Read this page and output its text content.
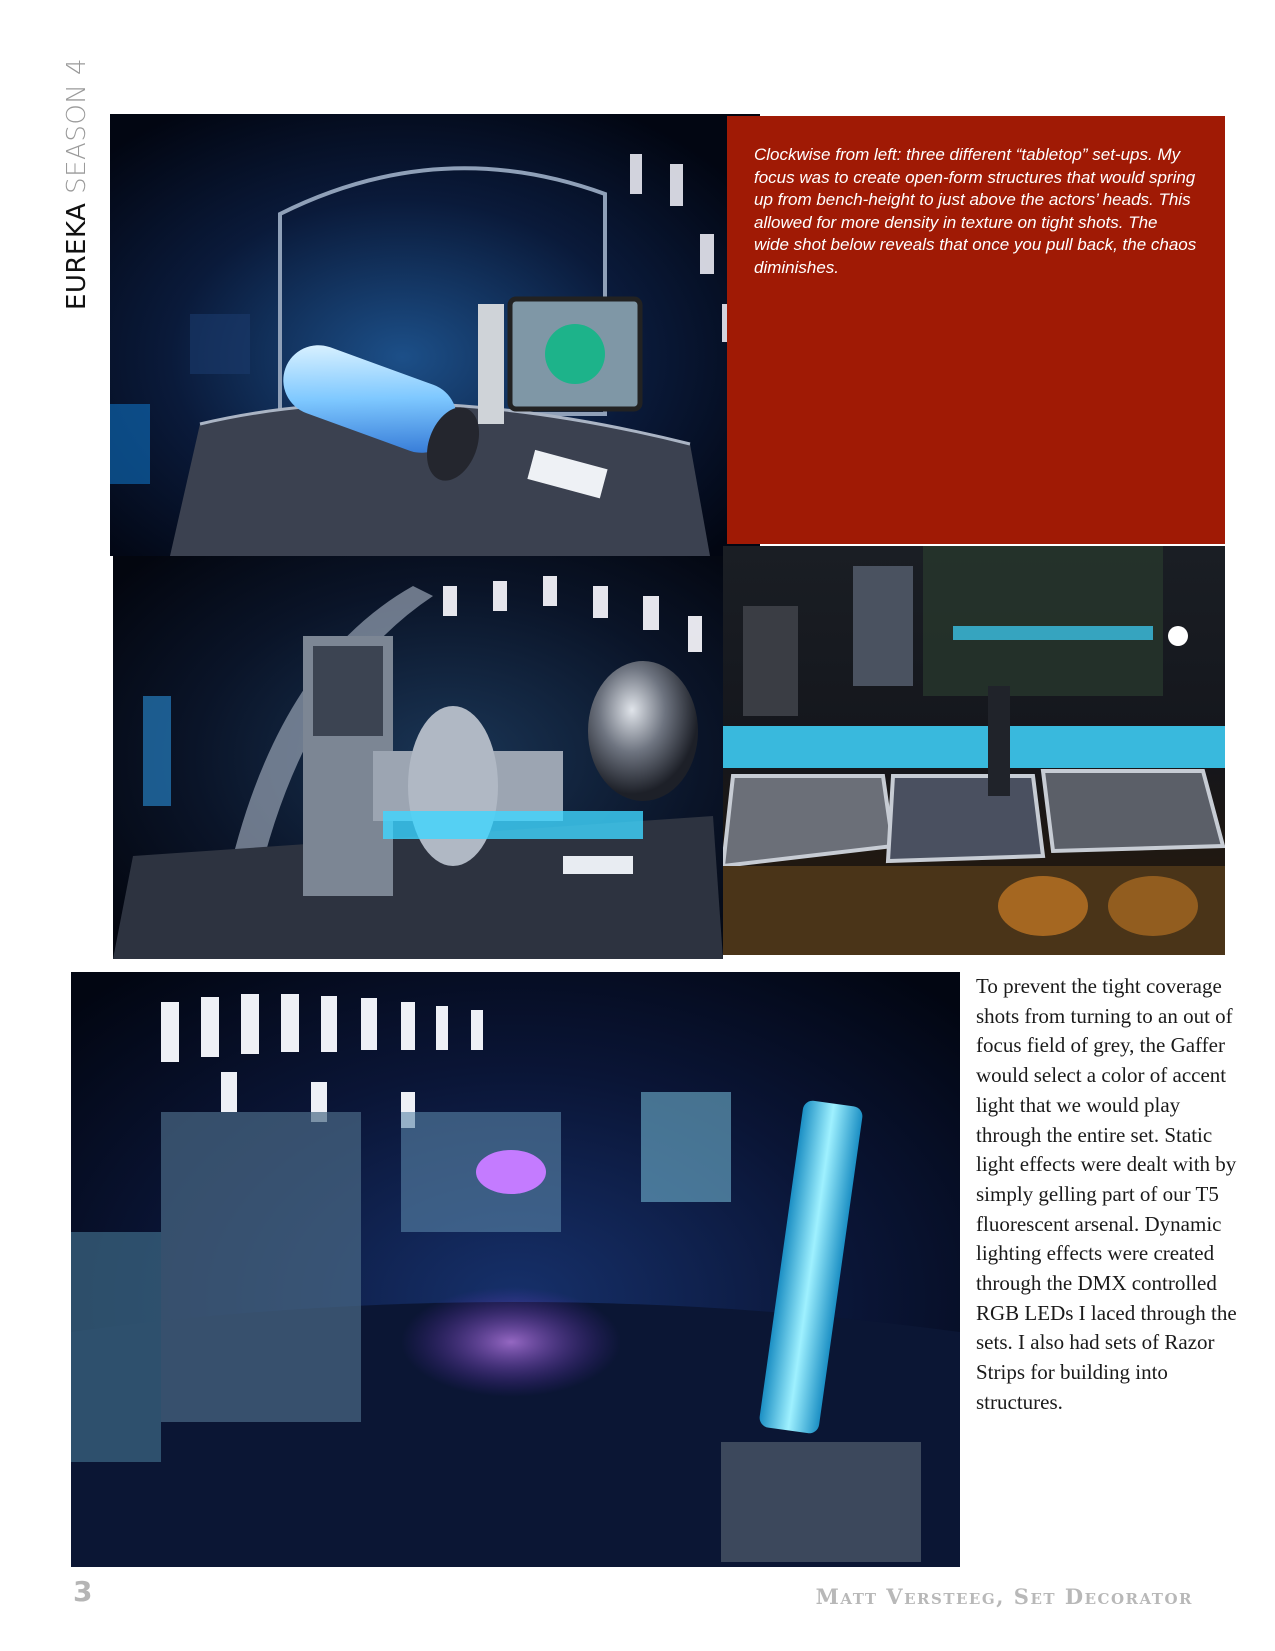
EUREKA SEASON 4	Clockwise from left: three different “tabletop” set-ups. My focus was to create open-form structures that would spring up from bench-height to just above the actors’ heads. This allowed for more density in texture on tight shots. The wide shot below reveals that once you pull back, the chaos diminishes.

To prevent the tight coverage shots from turning to an out of focus field of grey, the Gaffer would select a color of accent light that we would play through the entire set. Static light effects were dealt with by simply gelling part of our T5 fluorescent arsenal. Dynamic lighting effects were created through the DMX controlled RGB LEDs I laced through the sets. I also had sets of Razor Strips for building into structures.

3	Matt Versteeg, Set Decorator
